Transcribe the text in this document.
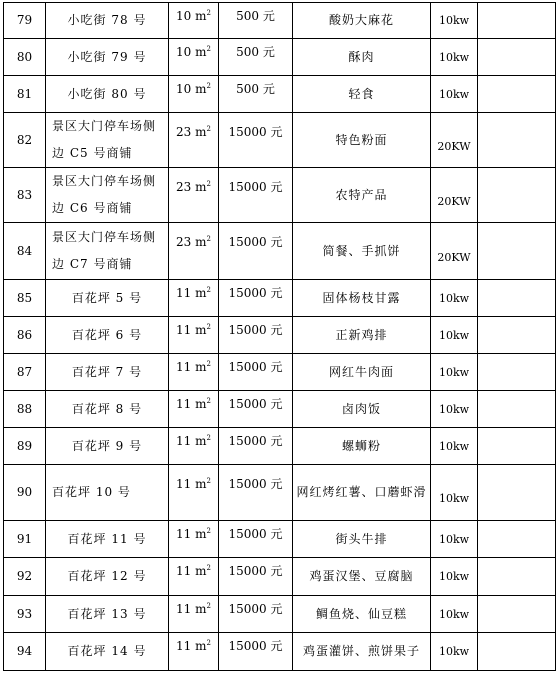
79	小吃街 78 号	10 $m^2$	500 元	酸奶大麻花	10kw	
80	小吃街 79 号	10 $m^2$	500 元	酥肉	10kw	
81	小吃街 80 号	10 $m^2$	500 元	轻食	10kw	
82	景区大门停车场侧边 C5 号商铺	23 $m^2$	15000 元	特色粉面	20KW	
83	景区大门停车场侧边 C6 号商铺	23 $m^2$	15000 元	农特产品	20KW	
84	景区大门停车场侧边 C7 号商铺	23 $m^2$	15000 元	简餐、手抓饼	20KW	
85	百花坪 5 号	11 $m^2$	15000 元	固体杨枝甘露	10kw	
86	百花坪 6 号	11 $m^2$	15000 元	正新鸡排	10kw	
87	百花坪 7 号	11 $m^2$	15000 元	网红牛肉面	10kw	
88	百花坪 8 号	11 $m^2$	15000 元	卤肉饭	10kw	
89	百花坪 9 号	11 $m^2$	15000 元	螺蛳粉	10kw	
90	百花坪 10 号	11 $m^2$	15000 元	网红烤红薯、口蘑虾滑	10kw	
91	百花坪 11 号	11 $m^2$	15000 元	街头牛排	10kw	
92	百花坪 12 号	11 $m^2$	15000 元	鸡蛋汉堡、豆腐脑	10kw	
93	百花坪 13 号	11 $m^2$	15000 元	鲷鱼烧、仙豆糕	10kw	
94	百花坪 14 号	11 $m^2$	15000 元	鸡蛋灌饼、煎饼果子	10kw	
